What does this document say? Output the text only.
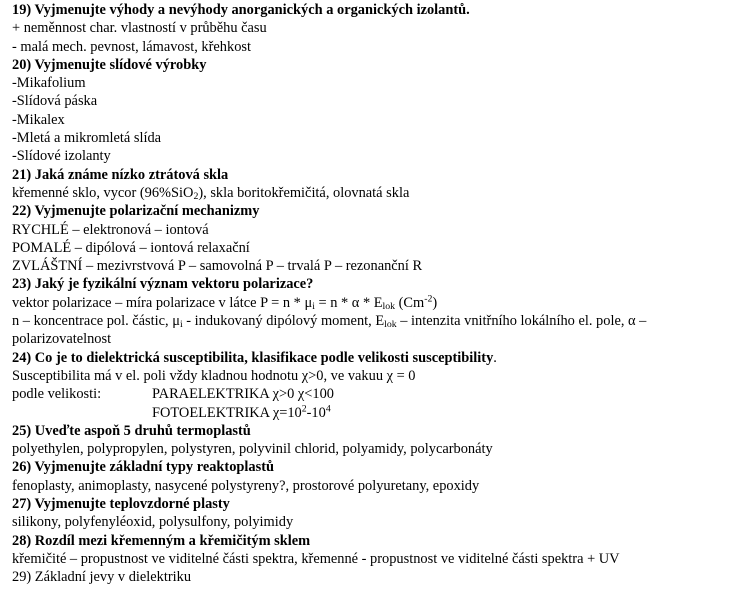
19) Vyjmenujte výhody a nevýhody anorganických a organických izolantů.
+ neměnnost char. vlastností v průběhu času
- malá mech. pevnost, lámavost, křehkost
20) Vyjmenujte slídové výrobky
-Mikafolium
-Slídová páska
-Mikalex
-Mletá a mikromletá slída
-Slídové izolanty
21) Jaká známe nízko ztrátová skla
křemenné sklo, vycor (96%SiO$_2$), skla boritokřemičitá, olovnatá skla
22) Vyjmenujte polarizační mechanizmy
RYCHLÉ – elektronová – iontová
POMALÉ – dipólová – iontová relaxační
ZVLÁŠTNÍ – mezivrstvová P – samovolná P – trvalá P – rezonanční R
23) Jaký je fyzikální význam vektoru polarizace?
vektor polarizace – míra polarizace v látce $P = n * \mu_i = n * \alpha * E_{lok}$ $(Cm^{-2})$
n – koncentrace pol. částic, $\mu_i$ - indukovaný dipólový moment, $E_{lok}$ – intenzita vnitřního lokálního el. pole, α –
polarizovatelnost
24) Co je to dielektrická susceptibilita, klasifikace podle velikosti susceptibility.
Susceptibilita má v el. poli vždy kladnou hodnotu χ>0, ve vakuu χ = 0
podle velikosti:	PARAELEKTRIKA χ>0 χ<100
FOTOELEKTRIKA $\chi=10^2-10^4$
25) Uveďte aspoň 5 druhů termoplastů
polyethylen, polypropylen, polystyren, polyvinil chlorid, polyamidy, polycarbonáty
26) Vyjmenujte základní typy reaktoplastů
fenoplasty, animoplasty, nasycené polystyreny?, prostorové polyuretany, epoxidy
27) Vyjmenujte teplovzdorné plasty
silikony, polyfenyléoxid, polysulfony, polyimidy
28) Rozdíl mezi křemenným a křemičitým sklem
křemičité – propustnost ve viditelné části spektra, křemenné - propustnost ve viditelné části spektra + UV
29) Základní jevy v dielektriku
